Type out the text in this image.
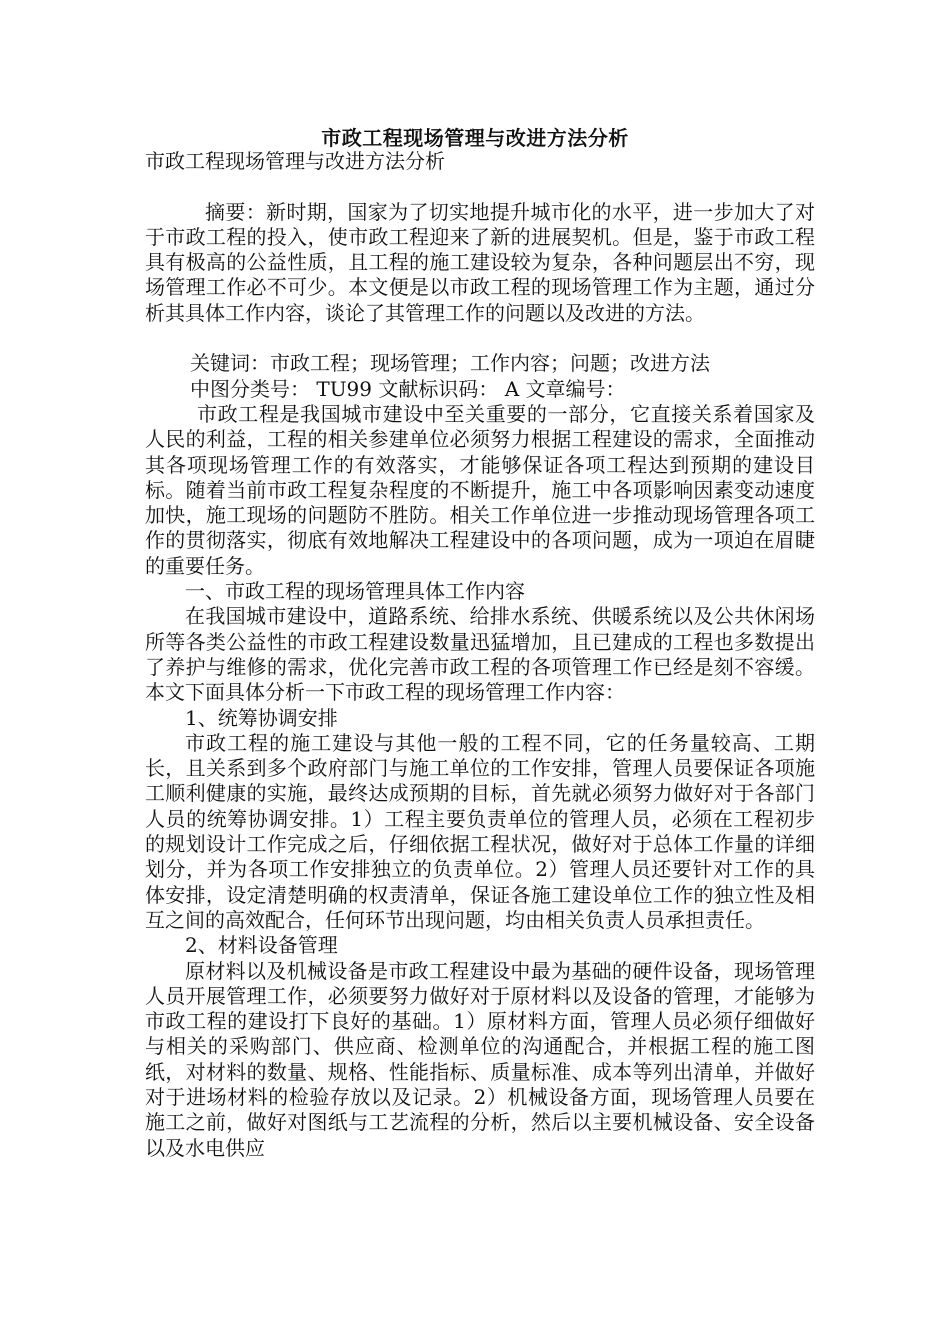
市政工程现场管理与改进方法分析

市政工程现场管理与改进方法分析

摘要：新时期，国家为了切实地提升城市化的水平，进一步加大了对于市政工程的投入，使市政工程迎来了新的进展契机。但是，鉴于市政工程具有极高的公益性质，且工程的施工建设较为复杂，各种问题层出不穷，现场管理工作必不可少。本文便是以市政工程的现场管理工作为主题，通过分析其具体工作内容，谈论了其管理工作的问题以及改进的方法。

关键词：市政工程；现场管理；工作内容；问题；改进方法

中图分类号： TU99 文献标识码： A 文章编号：

市政工程是我国城市建设中至关重要的一部分，它直接关系着国家及人民的利益，工程的相关参建单位必须努力根据工程建设的需求，全面推动其各项现场管理工作的有效落实，才能够保证各项工程达到预期的建设目标。随着当前市政工程复杂程度的不断提升，施工中各项影响因素变动速度加快，施工现场的问题防不胜防。相关工作单位进一步推动现场管理各项工作的贯彻落实，彻底有效地解决工程建设中的各项问题，成为一项迫在眉睫的重要任务。

一、市政工程的现场管理具体工作内容

在我国城市建设中，道路系统、给排水系统、供暖系统以及公共休闲场所等各类公益性的市政工程建设数量迅猛增加，且已建成的工程也多数提出了养护与维修的需求，优化完善市政工程的各项管理工作已经是刻不容缓。本文下面具体分析一下市政工程的现场管理工作内容：

1、统筹协调安排

市政工程的施工建设与其他一般的工程不同，它的任务量较高、工期长，且关系到多个政府部门与施工单位的工作安排，管理人员要保证各项施工顺利健康的实施，最终达成预期的目标，首先就必须努力做好对于各部门人员的统筹协调安排。1）工程主要负责单位的管理人员，必须在工程初步的规划设计工作完成之后，仔细依据工程状况，做好对于总体工作量的详细划分，并为各项工作安排独立的负责单位。2）管理人员还要针对工作的具体安排，设定清楚明确的权责清单，保证各施工建设单位工作的独立性及相互之间的高效配合，任何环节出现问题，均由相关负责人员承担责任。

2、材料设备管理

原材料以及机械设备是市政工程建设中最为基础的硬件设备，现场管理人员开展管理工作，必须要努力做好对于原材料以及设备的管理，才能够为市政工程的建设打下良好的基础。1）原材料方面，管理人员必须仔细做好与相关的采购部门、供应商、检测单位的沟通配合，并根据工程的施工图纸，对材料的数量、规格、性能指标、质量标准、成本等列出清单，并做好对于进场材料的检验存放以及记录。2）机械设备方面，现场管理人员要在施工之前，做好对图纸与工艺流程的分析，然后以主要机械设备、安全设备以及水电供应
